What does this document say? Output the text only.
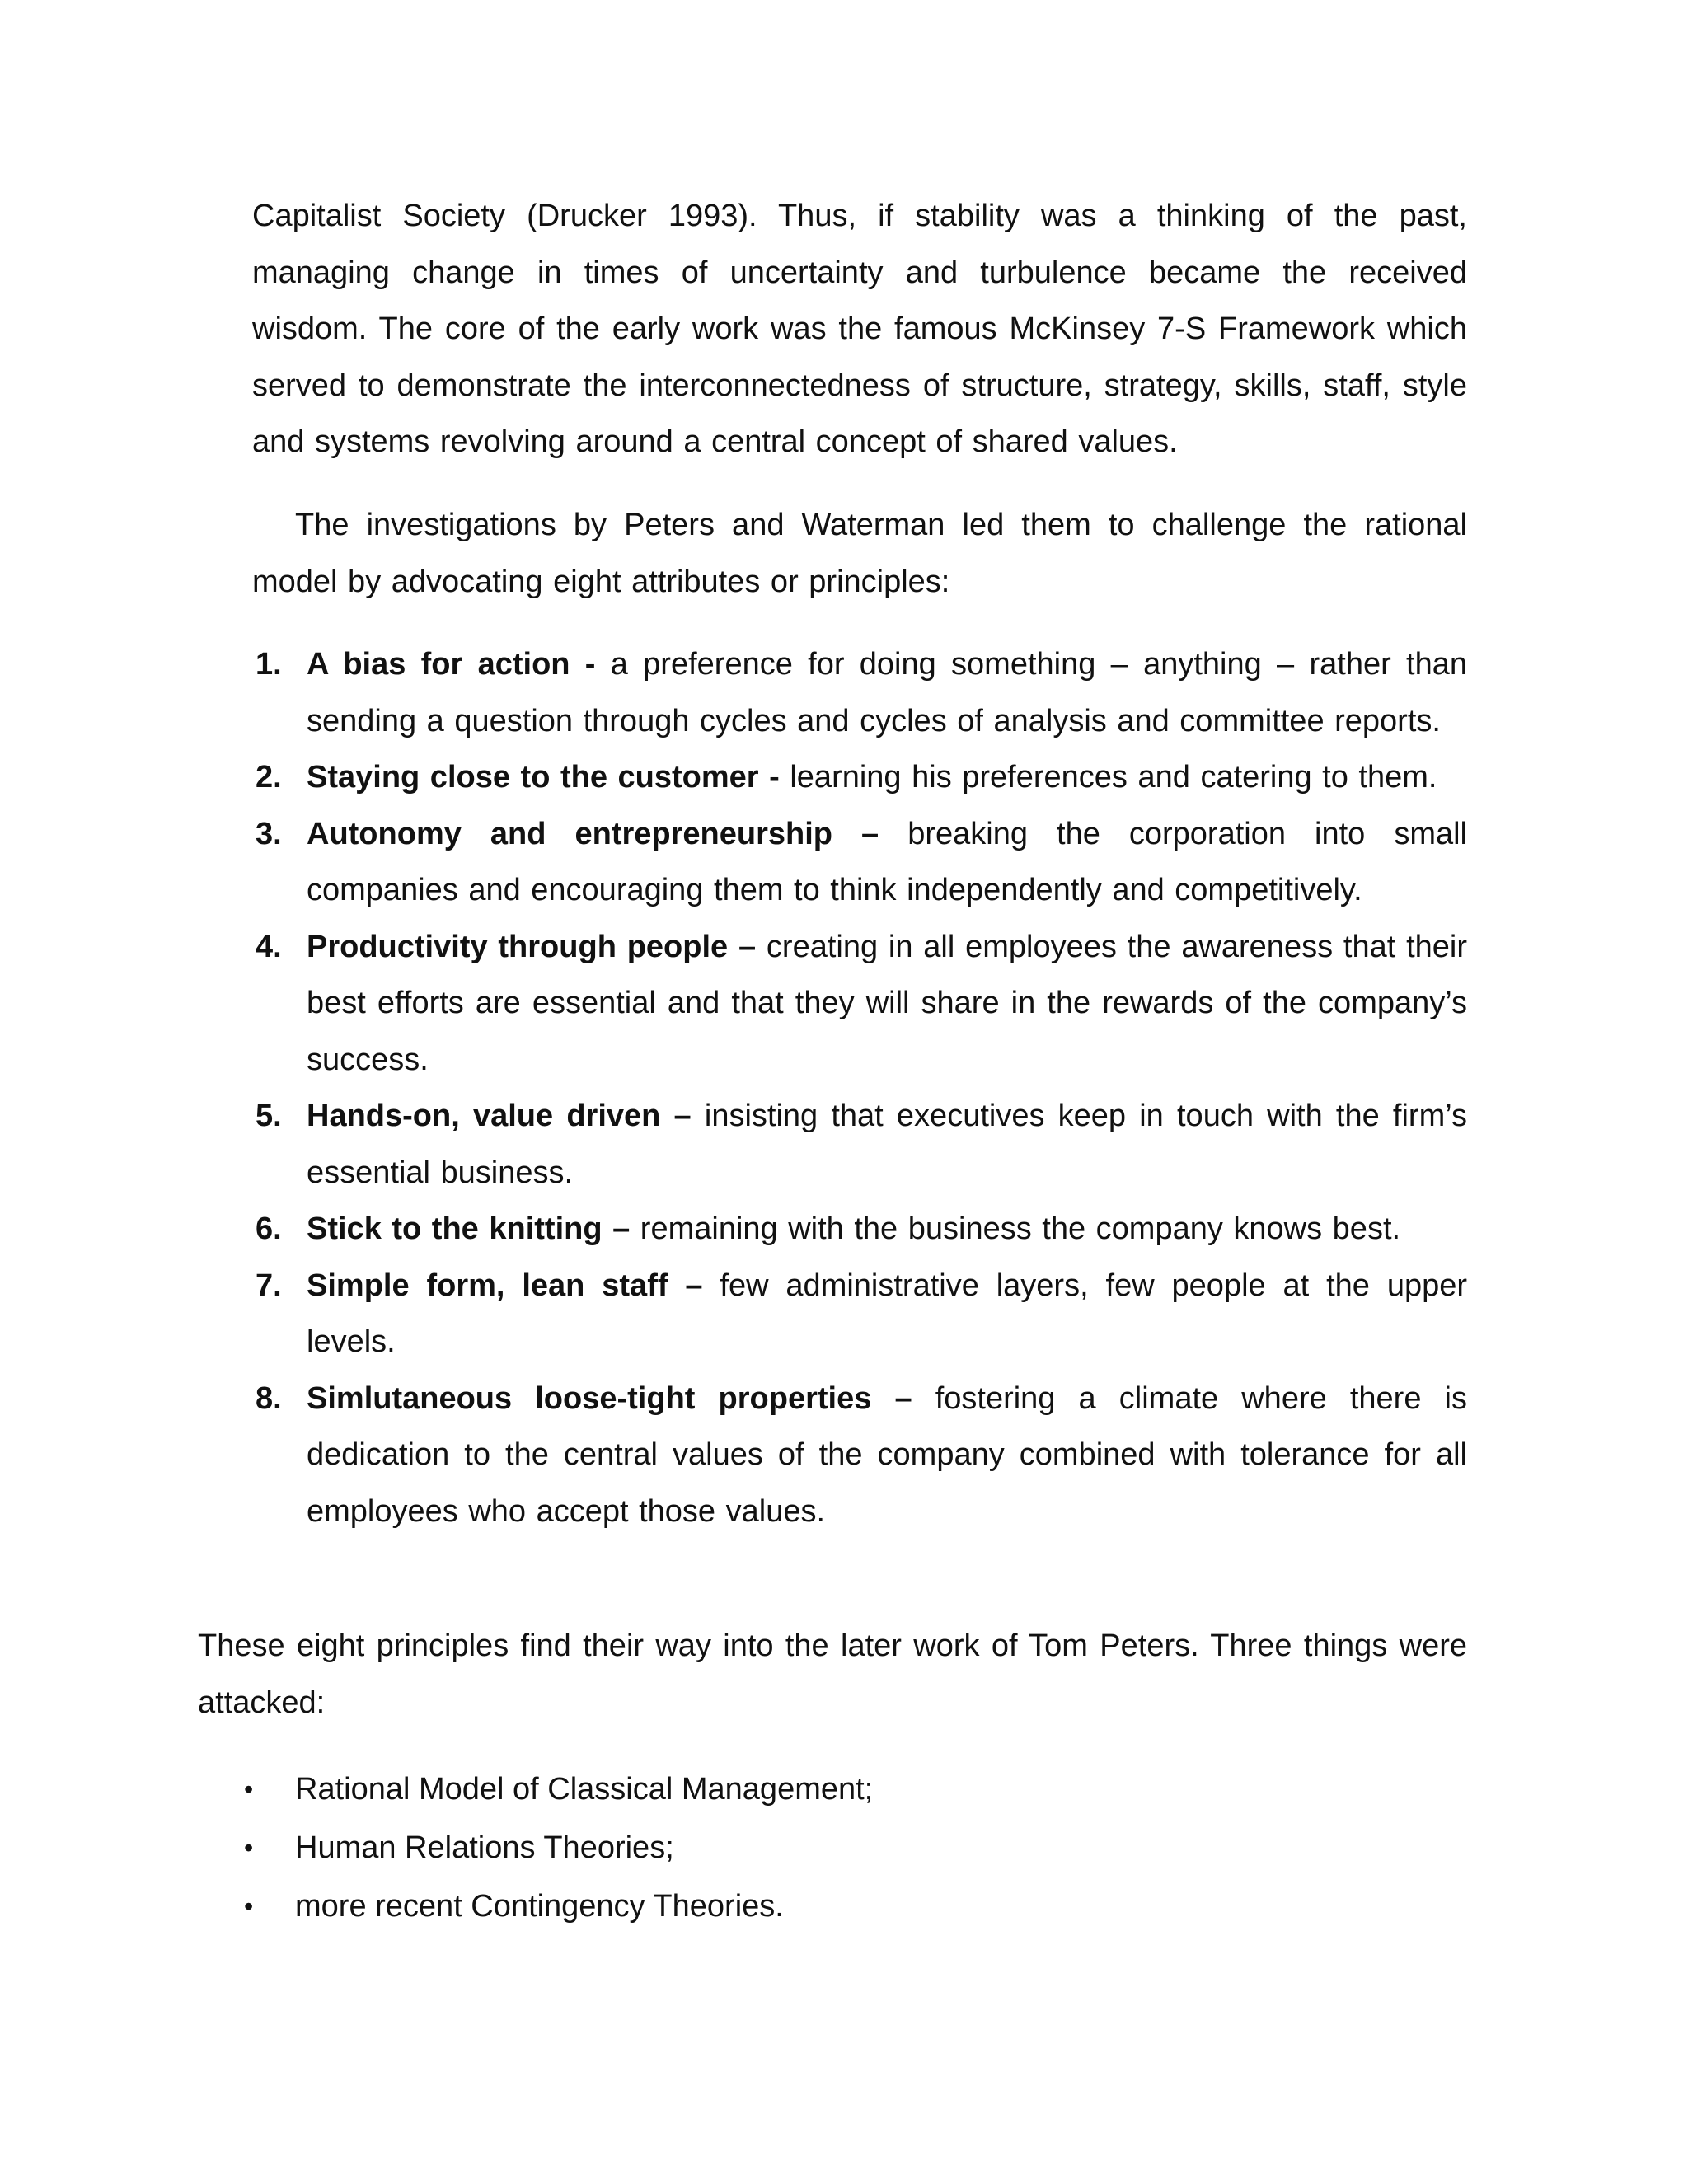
Capitalist Society (Drucker 1993). Thus, if stability was a thinking of the past, managing change in times of uncertainty and turbulence became the received wisdom. The core of the early work was the famous McKinsey 7-S Framework which served to demonstrate the interconnectedness of structure, strategy, skills, staff, style and systems revolving around a central concept of shared values.

The investigations by Peters and Waterman led them to challenge the rational model by advocating eight attributes or principles:

1. A bias for action - a preference for doing something – anything – rather than sending a question through cycles and cycles of analysis and committee reports.
2. Staying close to the customer - learning his preferences and catering to them.
3. Autonomy and entrepreneurship – breaking the corporation into small companies and encouraging them to think independently and competitively.
4. Productivity through people – creating in all employees the awareness that their best efforts are essential and that they will share in the rewards of the company’s success.
5. Hands-on, value driven – insisting that executives keep in touch with the firm’s essential business.
6. Stick to the knitting – remaining with the business the company knows best.
7. Simple form, lean staff – few administrative layers, few people at the upper levels.
8. Simlutaneous loose-tight properties – fostering a climate where there is dedication to the central values of the company combined with tolerance for all employees who accept those values.

These eight principles find their way into the later work of Tom Peters. Three things were attacked:

• Rational Model of Classical Management;
• Human Relations Theories;
• more recent Contingency Theories.
